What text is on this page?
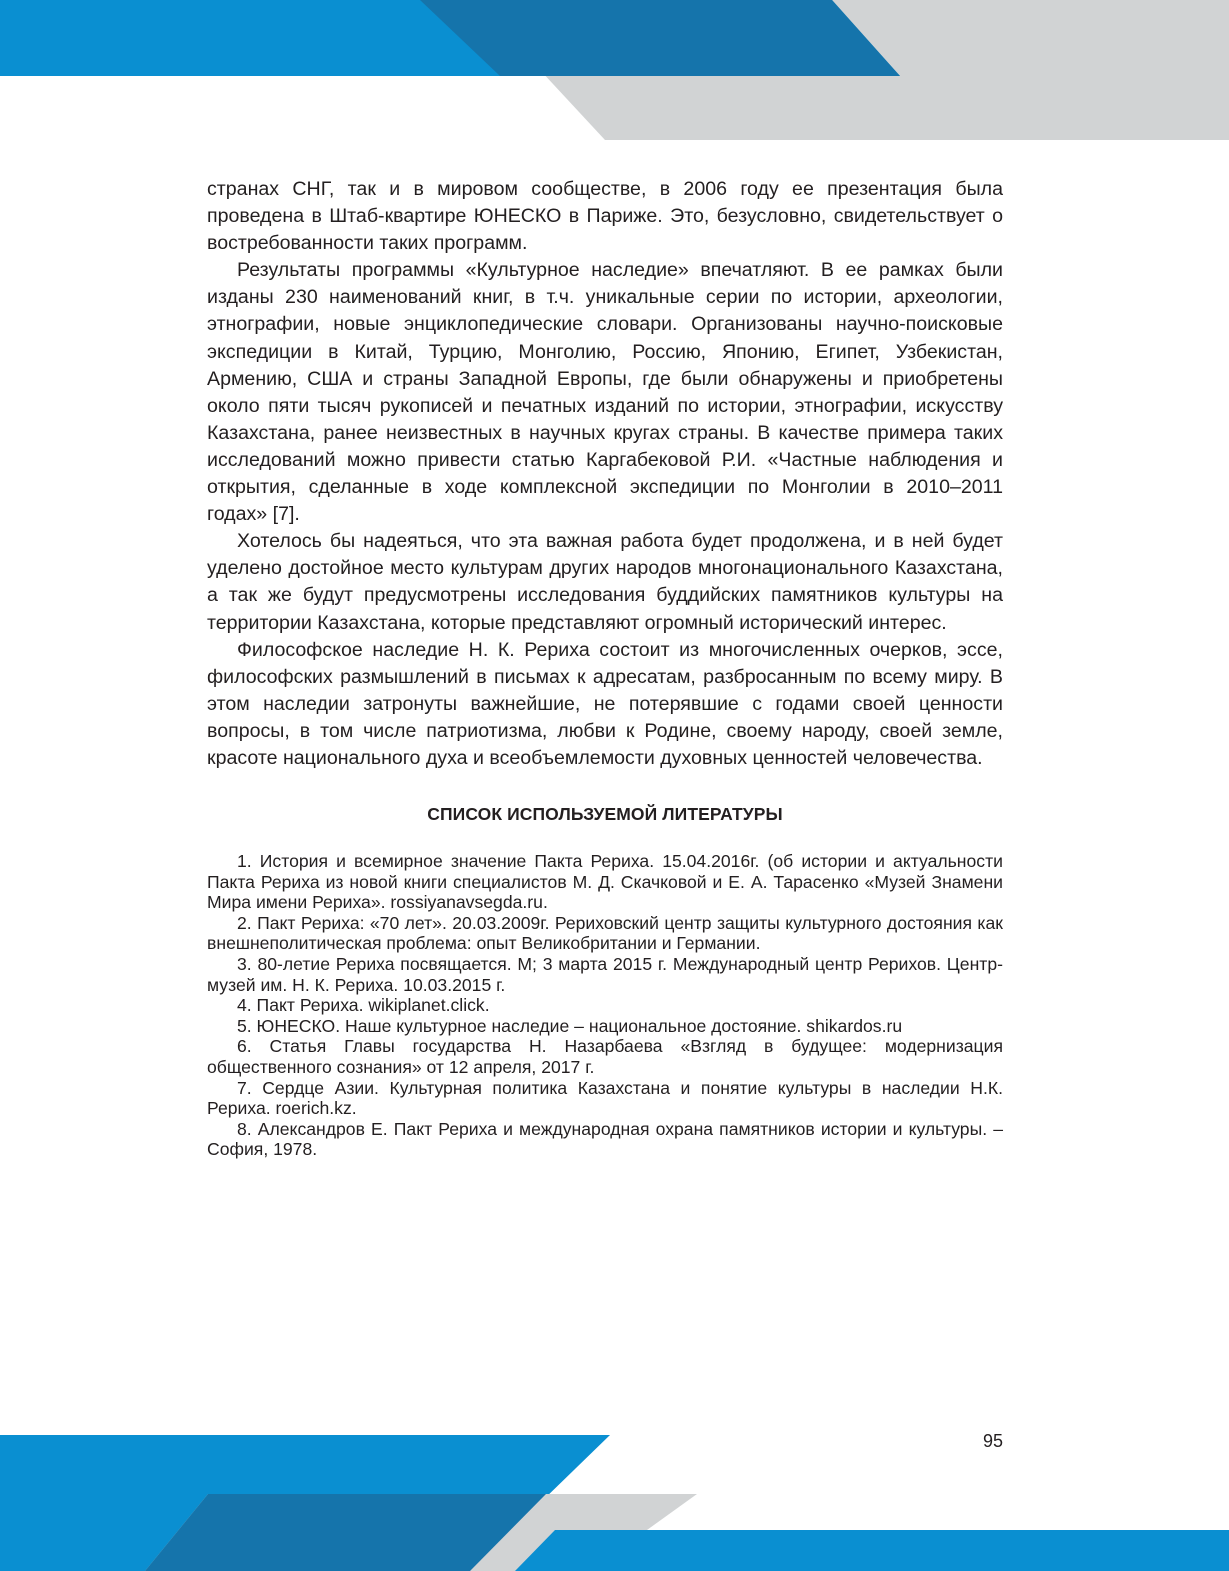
странах СНГ, так и в мировом сообществе, в 2006 году ее презентация была проведена в Штаб-квартире ЮНЕСКО в Париже. Это, безусловно, свидетельствует о востребованности таких программ.

Результаты программы «Культурное наследие» впечатляют. В ее рамках были изданы 230 наименований книг, в т.ч. уникальные серии по истории, археологии, этнографии, новые энциклопедические словари. Организованы научно-поисковые экспедиции в Китай, Турцию, Монголию, Россию, Японию, Египет, Узбекистан, Армению, США и страны Западной Европы, где были обнаружены и приобретены около пяти тысяч рукописей и печатных изданий по истории, этнографии, искусству Казахстана, ранее неизвестных в научных кругах страны. В качестве примера таких исследований можно привести статью Каргабековой Р.И. «Частные наблюдения и открытия, сделанные в ходе комплексной экспедиции по Монголии в 2010–2011 годах» [7].

Хотелось бы надеяться, что эта важная работа будет продолжена, и в ней будет уделено достойное место культурам других народов многонационального Казахстана, а так же будут предусмотрены исследования буддийских памятников культуры на территории Казахстана, которые представляют огромный исторический интерес.

Философское наследие Н. К. Рериха состоит из многочисленных очерков, эссе, философских размышлений в письмах к адресатам, разбросанным по всему миру. В этом наследии затронуты важнейшие, не потерявшие с годами своей ценности вопросы, в том числе патриотизма, любви к Родине, своему народу, своей земле, красоте национального духа и всеобъемлемости духовных ценностей человечества.

СПИСОК ИСПОЛЬЗУЕМОЙ ЛИТЕРАТУРЫ

1. История и всемирное значение Пакта Рериха. 15.04.2016г. (об истории и актуальности Пакта Рериха из новой книги специалистов М. Д. Скачковой и Е. А. Тарасенко «Музей Знамени Мира имени Рериха». rossiyanavsegda.ru.

2. Пакт Рериха: «70 лет». 20.03.2009г. Рериховский центр защиты культурного достояния как внешнеполитическая проблема: опыт Великобритании и Германии.

3. 80-летие Рериха посвящается. М; 3 марта 2015 г. Международный центр Рерихов. Центр-музей им. Н. К. Рериха. 10.03.2015 г.

4. Пакт Рериха. wikiplanet.click.

5. ЮНЕСКО. Наше культурное наследие – национальное достояние. shikardos.ru

6. Статья Главы государства Н. Назарбаева «Взгляд в будущее: модернизация общественного сознания» от 12 апреля, 2017 г.

7. Сердце Азии. Культурная политика Казахстана и понятие культуры в наследии Н.К. Рериха. roerich.kz.

8. Александров Е. Пакт Рериха и международная охрана памятников истории и культуры. – София, 1978.

95
